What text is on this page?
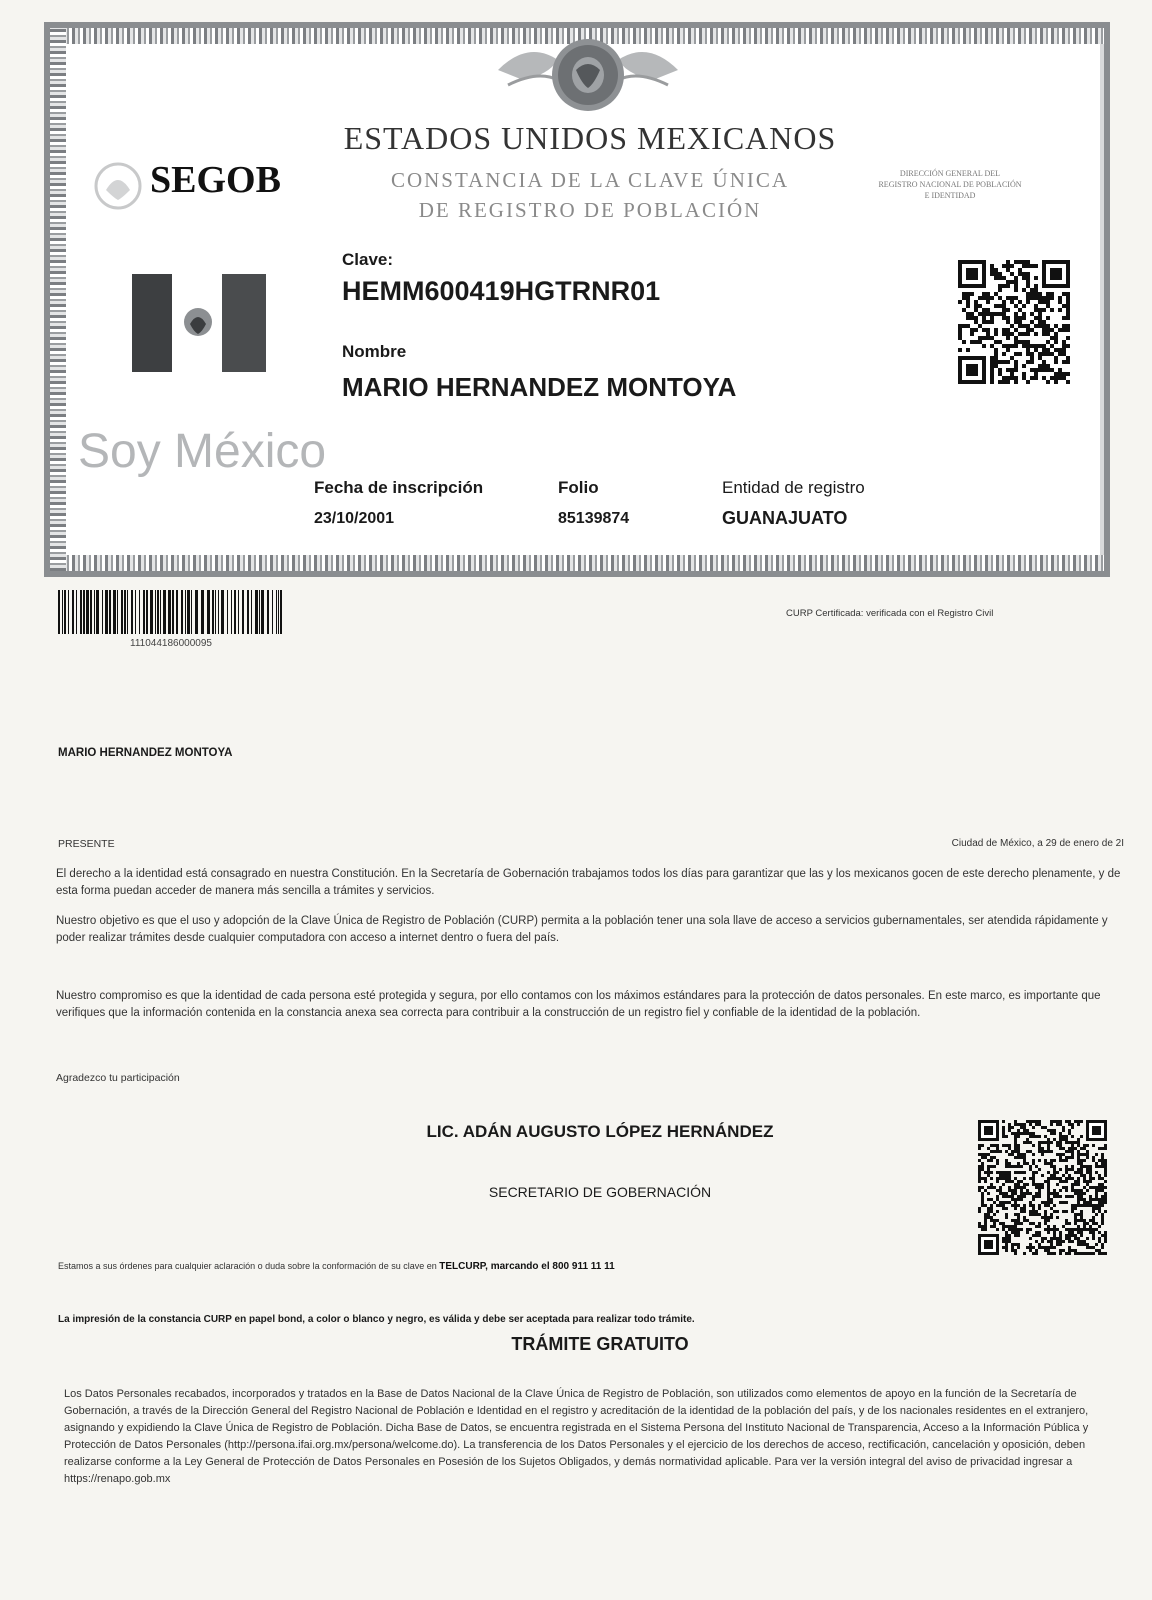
SEGOB
ESTADOS UNIDOS MEXICANOS
CONSTANCIA DE LA CLAVE ÚNICA
DE REGISTRO DE POBLACIÓN
DIRECCIÓN GENERAL DEL
REGISTRO NACIONAL DE POBLACIÓN
E IDENTIDAD
Soy México
Clave:
HEMM600419HGTRNR01
Nombre
MARIO HERNANDEZ MONTOYA
Fecha de inscripción
23/10/2001
Folio
85139874
Entidad de registro
GUANAJUATO
111044186000095
CURP Certificada: verificada con el Registro Civil
MARIO HERNANDEZ MONTOYA
PRESENTE	Ciudad de México, a 29 de enero de 2I
El derecho a la identidad está consagrado en nuestra Constitución. En la Secretaría de Gobernación trabajamos todos los días para garantizar que las y los mexicanos gocen de este derecho plenamente, y de esta forma puedan acceder de manera más sencilla a trámites y servicios.
Nuestro objetivo es que el uso y adopción de la Clave Única de Registro de Población (CURP) permita a la población tener una sola llave de acceso a servicios gubernamentales, ser atendida rápidamente y poder realizar trámites desde cualquier computadora con acceso a internet dentro o fuera del país.
Nuestro compromiso es que la identidad de cada persona esté protegida y segura, por ello contamos con los máximos estándares para la protección de datos personales. En este marco, es importante que verifiques que la información contenida en la constancia anexa sea correcta para contribuir a la construcción de un registro fiel y confiable de la identidad de la población.
Agradezco tu participación
LIC. ADÁN AUGUSTO LÓPEZ HERNÁNDEZ
SECRETARIO DE GOBERNACIÓN
Estamos a sus órdenes para cualquier aclaración o duda sobre la conformación de su clave en TELCURP, marcando el 800 911 11 11
La impresión de la constancia CURP en papel bond, a color o blanco y negro, es válida y debe ser aceptada para realizar todo trámite.
TRÁMITE GRATUITO
Los Datos Personales recabados, incorporados y tratados en la Base de Datos Nacional de la Clave Única de Registro de Población, son utilizados como elementos de apoyo en la función de la Secretaría de Gobernación, a través de la Dirección General del Registro Nacional de Población e Identidad en el registro y acreditación de la identidad de la población del país, y de los nacionales residentes en el extranjero, asignando y expidiendo la Clave Única de Registro de Población. Dicha Base de Datos, se encuentra registrada en el Sistema Persona del Instituto Nacional de Transparencia, Acceso a la Información Pública y Protección de Datos Personales (http://persona.ifai.org.mx/persona/welcome.do). La transferencia de los Datos Personales y el ejercicio de los derechos de acceso, rectificación, cancelación y oposición, deben realizarse conforme a la Ley General de Protección de Datos Personales en Posesión de los Sujetos Obligados, y demás normatividad aplicable. Para ver la versión integral del aviso de privacidad ingresar a https://renapo.gob.mx
